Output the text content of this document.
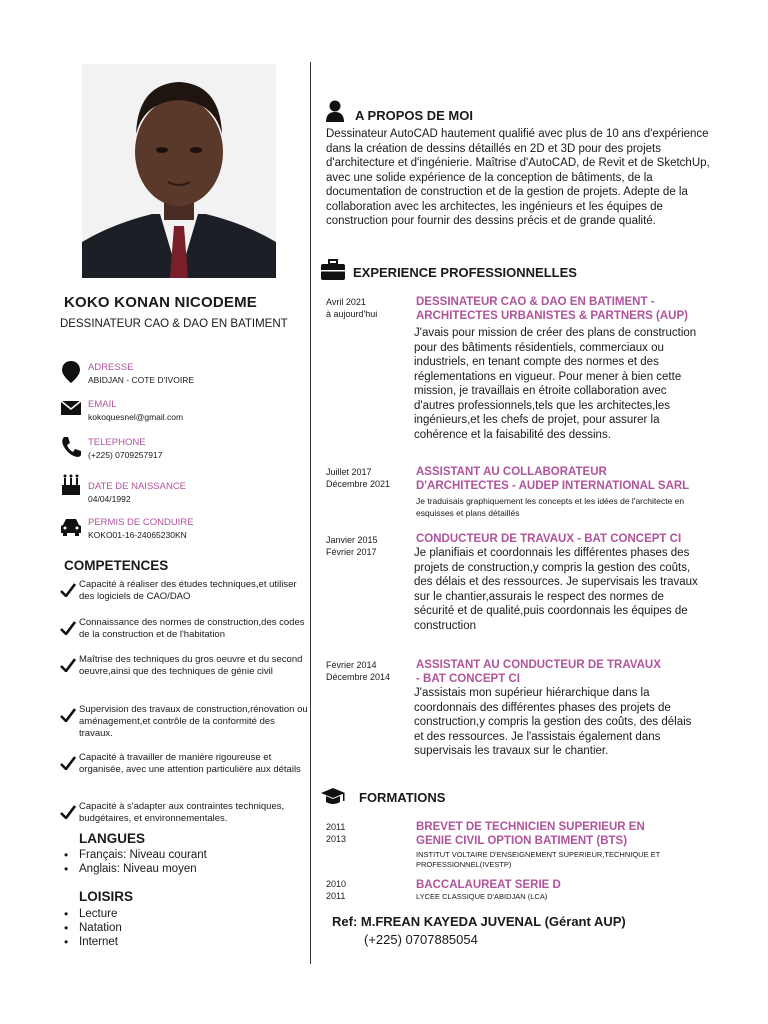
KOKO KONAN NICODEME
DESSINATEUR CAO & DAO EN BATIMENT
ADRESSE
ABIDJAN - COTE D'IVOIRE
EMAIL
kokoquesnel@gmail.com
TELEPHONE
(+225) 0709257917
DATE DE NAISSANCE
04/04/1992
PERMIS DE CONDUIRE
KOKO01-16-24065230KN
COMPETENCES
Capacité à réaliser des études techniques,et utiliser des logiciels de CAO/DAO
Connaissance des normes de construction,des codes de la construction et de l'habitation
Maîtrise des techniques du gros oeuvre et du second oeuvre,ainsi que des techniques de génie civil
Supervision des travaux de construction,rénovation ou aménagement,et contrôle de la conformité des travaux.
Capacité à travailler de manière rigoureuse et organisée, avec une attention particulière aux détails
Capacité à s'adapter aux contraintes techniques, budgétaires, et environnementales.
LANGUES
• Français: Niveau courant
• Anglais: Niveau moyen
LOISIRS
• Lecture
• Natation
• Internet
A PROPOS DE MOI
Dessinateur AutoCAD hautement qualifié avec plus de 10 ans d'expérience dans la création de dessins détaillés en 2D et 3D pour des projets d'architecture et d'ingénierie. Maîtrise d'AutoCAD, de Revit et de SketchUp, avec une solide expérience de la conception de bâtiments, de la documentation de construction et de la gestion de projets. Adepte de la collaboration avec les architectes, les ingénieurs et les équipes de construction pour fournir des dessins précis et de grande qualité.
EXPERIENCE PROFESSIONNELLES
Avril 2021
à aujourd'hui
DESSINATEUR CAO & DAO EN BATIMENT -
ARCHITECTES URBANISTES & PARTNERS (AUP)
J'avais pour mission de créer des plans de construction pour des bâtiments résidentiels, commerciaux ou industriels, en tenant compte des normes et des réglementations en vigueur. Pour mener à bien cette mission, je travaillais en étroite collaboration avec d'autres professionnels,tels que les architectes,les ingénieurs,et les chefs de projet, pour assurer la cohérence et la faisabilité des dessins.
Juillet 2017
Décembre 2021
ASSISTANT AU COLLABORATEUR
D'ARCHITECTES - AUDEP INTERNATIONAL SARL
Je traduisais graphiquement les concepts et les idées de l'architecte en esquisses et plans détaillés
Janvier 2015
Février 2017
CONDUCTEUR DE TRAVAUX - BAT CONCEPT CI
Je planifiais et coordonnais les différentes phases des projets de construction,y compris la gestion des coûts, des délais et des ressources. Je supervisais les travaux sur le chantier,assurais le respect des normes de sécurité et de qualité,puis coordonnais les équipes de construction
Février 2014
Décembre 2014
ASSISTANT AU CONDUCTEUR DE TRAVAUX
- BAT CONCEPT CI
J'assistais mon supérieur hiérarchique dans la coordonnais des différentes phases des projets de construction,y compris la gestion des coûts, des délais et des ressources. Je l'assistais également dans supervisais les travaux sur le chantier.
FORMATIONS
2011
2013
BREVET DE TECHNICIEN SUPERIEUR EN
GENIE CIVIL OPTION BATIMENT (BTS)
INSTITUT VOLTAIRE D'ENSEIGNEMENT SUPERIEUR,TECHNIQUE ET PROFESSIONNEL(IVESTP)
2010
2011
BACCALAUREAT SERIE D
LYCEE CLASSIQUE D'ABIDJAN (LCA)
Ref: M.FREAN KAYEDA JUVENAL (Gérant AUP)
(+225) 0707885054
